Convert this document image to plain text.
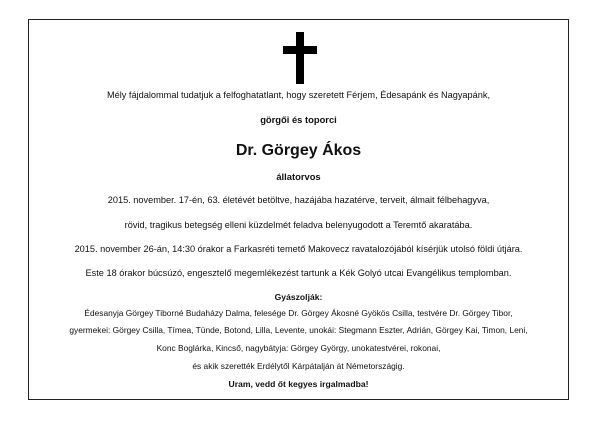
Mély fájdalommal tudatjuk a felfoghatatlant, hogy szeretett Férjem, Édesapánk és Nagyapánk,
görgői és toporci
Dr. Görgey Ákos
állatorvos
2015. november. 17-én, 63. életévét betöltve, hazájába hazatérve, terveit, álmait félbehagyva,
rövid, tragikus betegség elleni küzdelmét feladva belenyugodott a Teremtő akaratába.
2015. november 26-án, 14:30 órakor a Farkasréti temető Makovecz ravatalozójából kísérjük utolsó földi útjára.
Este 18 órakor búcsúzó, engesztelő megemlékezést tartunk a Kék Golyó utcai Evangélikus templomban.
Gyászolják:
Édesanyja Görgey Tiborné Budaházy Dalma, felesége Dr. Görgey Ákosné Gyökös Csilla, testvére Dr. Görgey Tibor,
gyermekei: Görgey Csilla, Tímea, Tünde, Botond, Lilla, Levente, unokái: Stegmann Eszter, Adrián, Görgey Kai, Timon, Leni,
Konc Boglárka, Kincső, nagybátyja: Görgey György, unokatestvérei, rokonai,
és akik szerették Erdélytől Kárpátalján át Németországig.
Uram, vedd őt kegyes irgalmadba!
